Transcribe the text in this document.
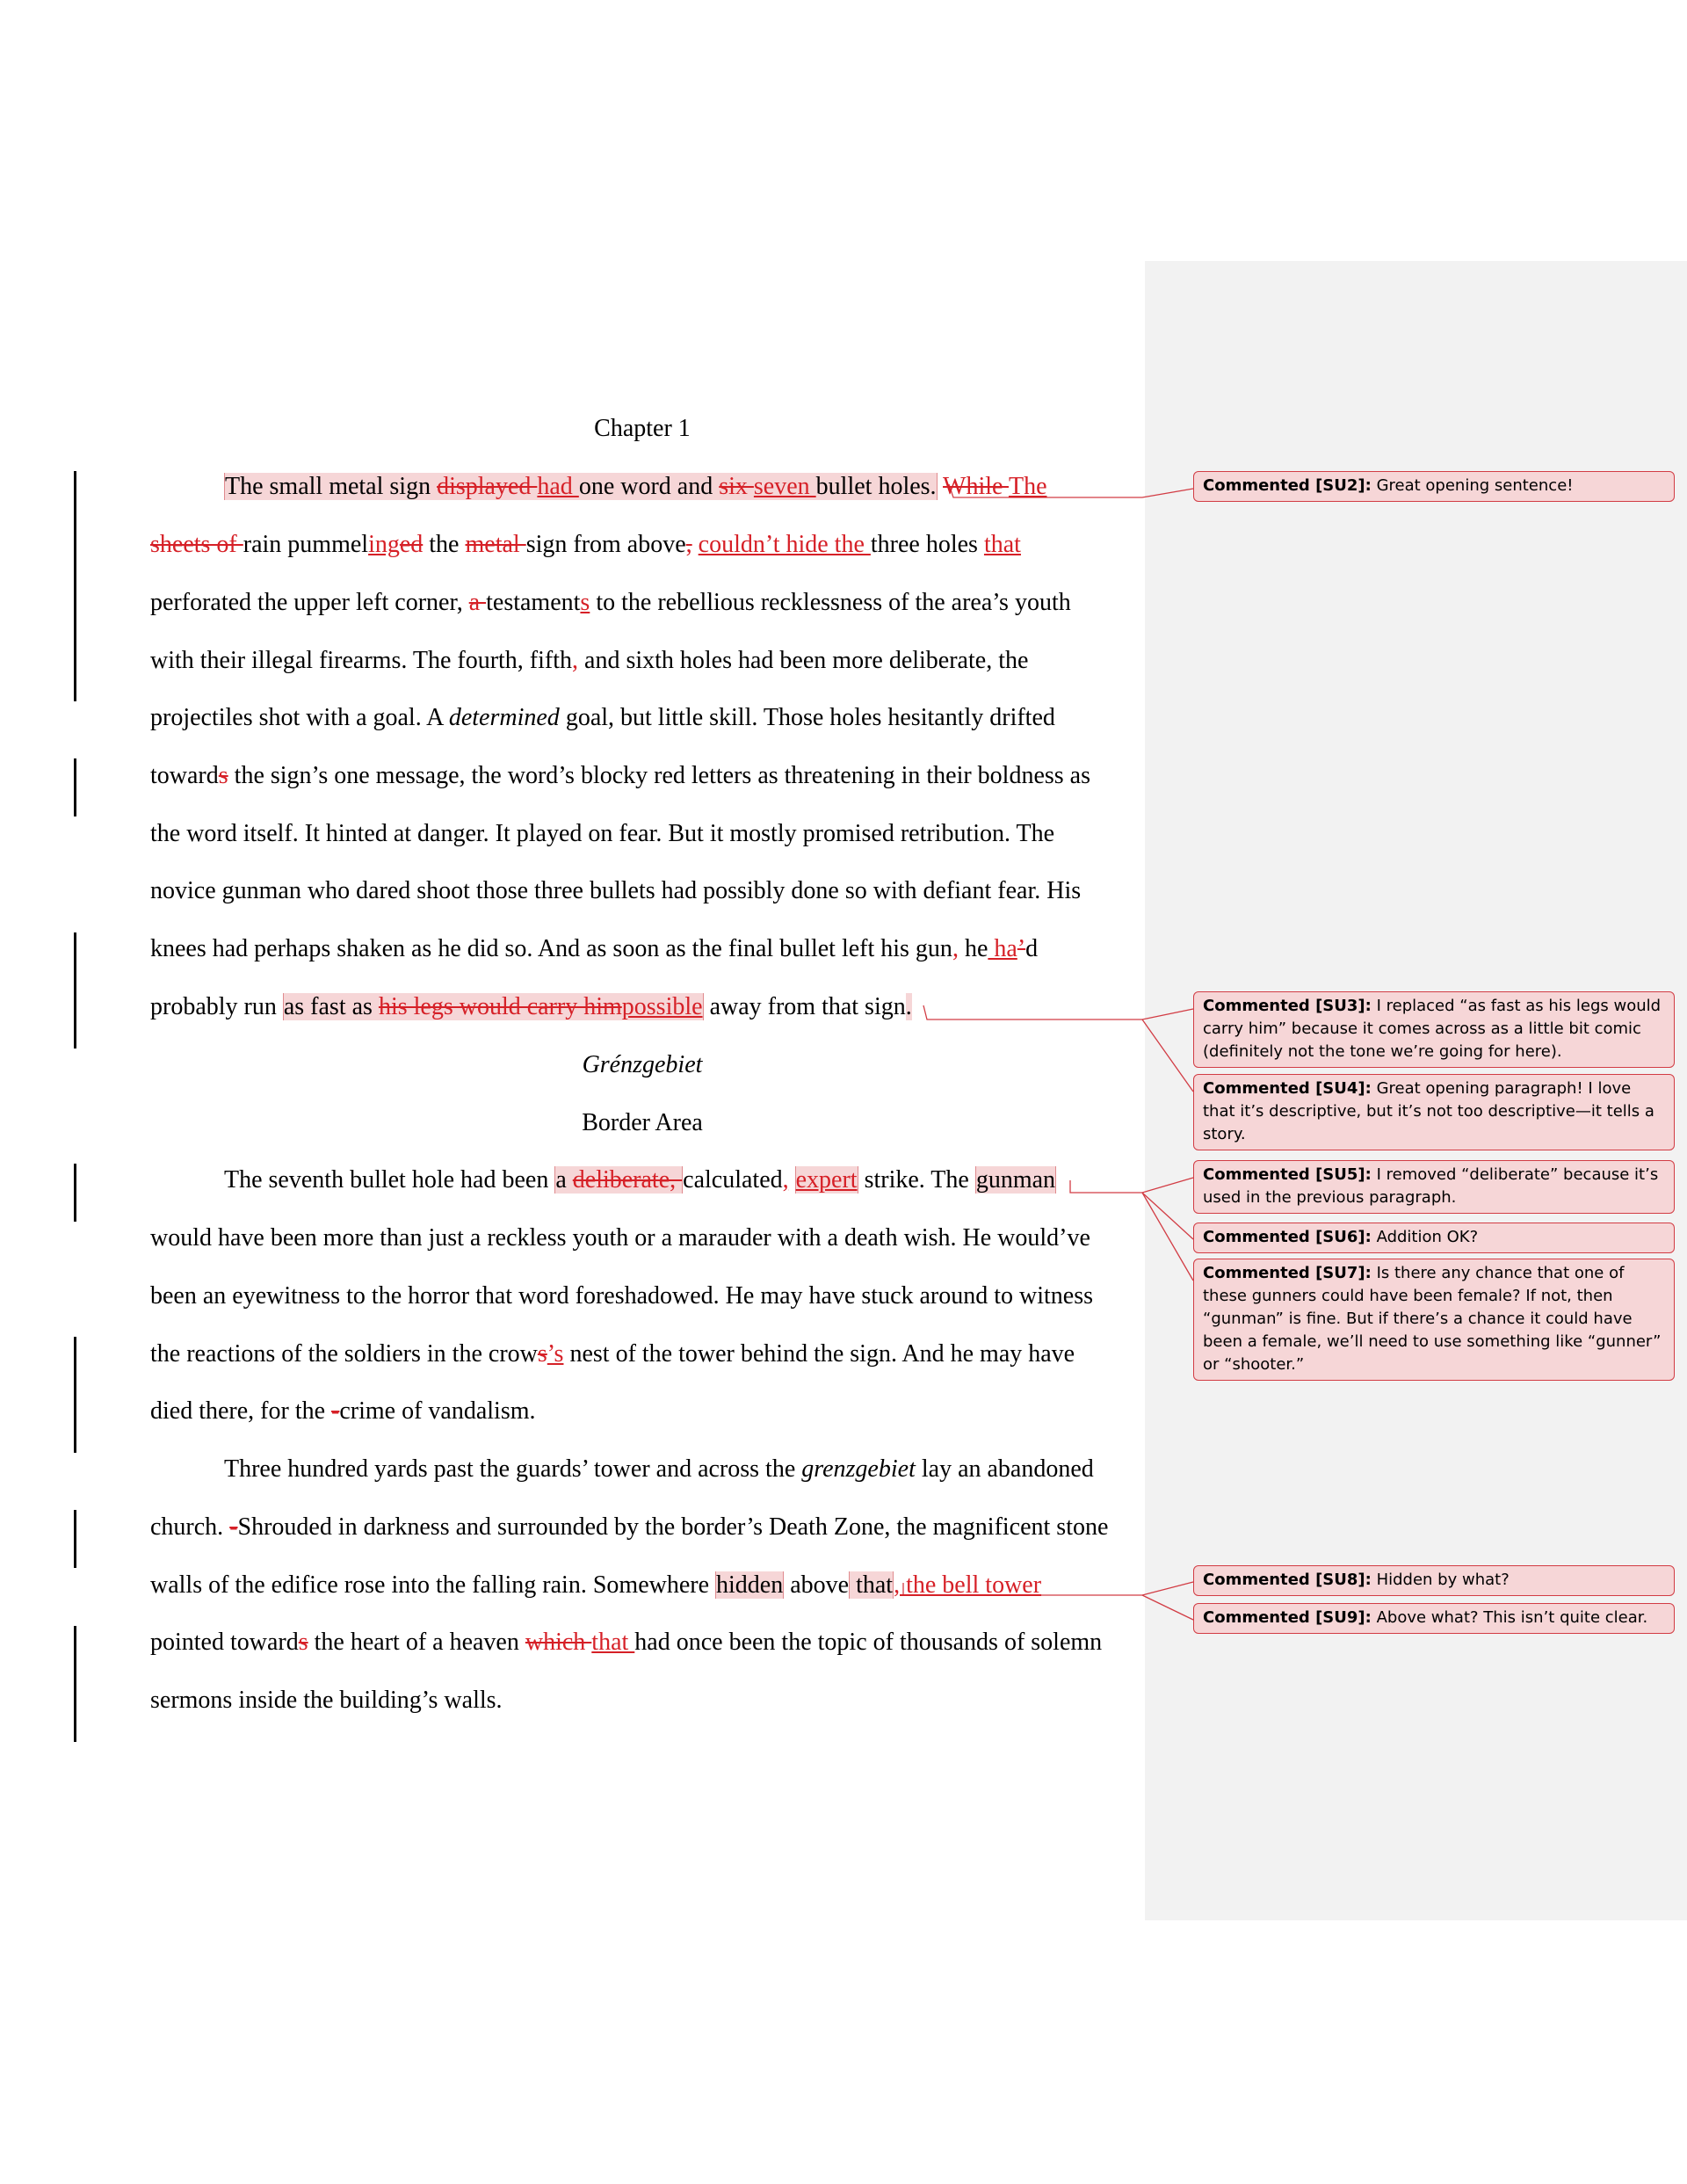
Chapter 1
The small metal sign displayed had one word and six seven bullet holes. While The
sheets of rain pummelinged the metal sign from above, couldn’t hide the three holes that
perforated the upper left corner, a testaments to the rebellious recklessness of the area’s youth
with their illegal firearms. The fourth, fifth, and sixth holes had been more deliberate, the
projectiles shot with a goal. A determined goal, but little skill. Those holes hesitantly drifted
towards the sign’s one message, the word’s blocky red letters as threatening in their boldness as
the word itself. It hinted at danger. It played on fear. But it mostly promised retribution. The
novice gunman who dared shoot those three bullets had possibly done so with defiant fear. His
knees had perhaps shaken as he did so. And as soon as the final bullet left his gun, he ha’d
probably run as fast as his legs would carry himpossible away from that sign.
Grénzgebiet
Border Area
The seventh bullet hole had been a deliberate, calculated, expert strike. The gunman
would have been more than just a reckless youth or a marauder with a death wish. He would’ve
been an eyewitness to the horror that word foreshadowed. He may have stuck around to witness
the reactions of the soldiers in the crows’s nest of the tower behind the sign. And he may have
died there, for the -crime of vandalism.
Three hundred yards past the guards’ tower and across the grenzgebiet lay an abandoned
church. -Shrouded in darkness and surrounded by the border’s Death Zone, the magnificent stone
walls of the edifice rose into the falling rain. Somewhere hidden above that, the bell tower
pointed towards the heart of a heaven which that had once been the topic of thousands of solemn
sermons inside the building’s walls.
Commented [SU2]: Great opening sentence!
Commented [SU3]: I replaced “as fast as his legs would carry him” because it comes across as a little bit comic (definitely not the tone we’re going for here).
Commented [SU4]: Great opening paragraph! I love that it’s descriptive, but it’s not too descriptive—it tells a story.
Commented [SU5]: I removed “deliberate” because it’s used in the previous paragraph.
Commented [SU6]: Addition OK?
Commented [SU7]: Is there any chance that one of these gunners could have been female? If not, then “gunman” is fine. But if there’s a chance it could have been a female, we’ll need to use something like “gunner” or “shooter.”
Commented [SU8]: Hidden by what?
Commented [SU9]: Above what? This isn’t quite clear.
